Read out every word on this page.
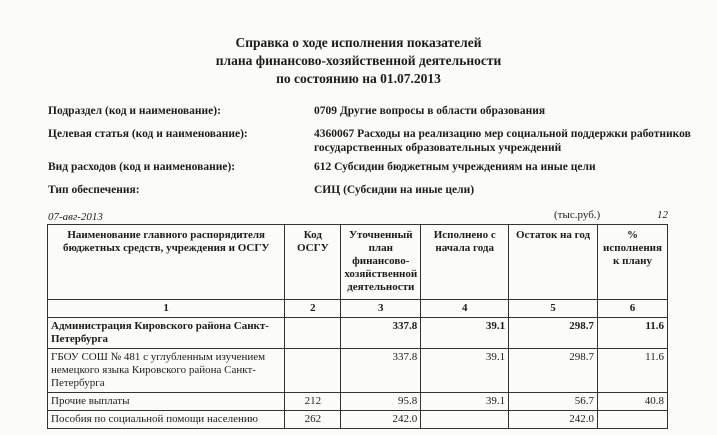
Справка о ходе исполнения показателей
плана финансово-хозяйственной деятельности
по состоянию на 01.07.2013
Подраздел (код и наименование):	0709 Другие вопросы в области образования
Целевая статья (код и наименование):	4360067 Расходы на реализацию мер социальной поддержки работников государственных образовательных учреждений
Вид расходов (код и наименование):	612 Субсидии бюджетным учреждениям на иные цели
Тип обеспечения:	СИЦ (Субсидии на иные цели)
07-авг-2013	(тыс.руб.)	12
Наименование главного распорядителя бюджетных средств, учреждения и ОСГУ	Код ОСГУ	Уточненный план финансово-хозяйственной деятельности	Исполнено с начала года	Остаток на год	% исполнения к плану
1	2	3	4	5	6
Администрация Кировского района Санкт-Петербурга		337.8	39.1	298.7	11.6
ГБОУ СОШ № 481 с углубленным изучением немецкого языка Кировского района Санкт-Петербурга		337.8	39.1	298.7	11.6
Прочие выплаты	212	95.8	39.1	56.7	40.8
Пособия по социальной помощи населению	262	242.0		242.0	
